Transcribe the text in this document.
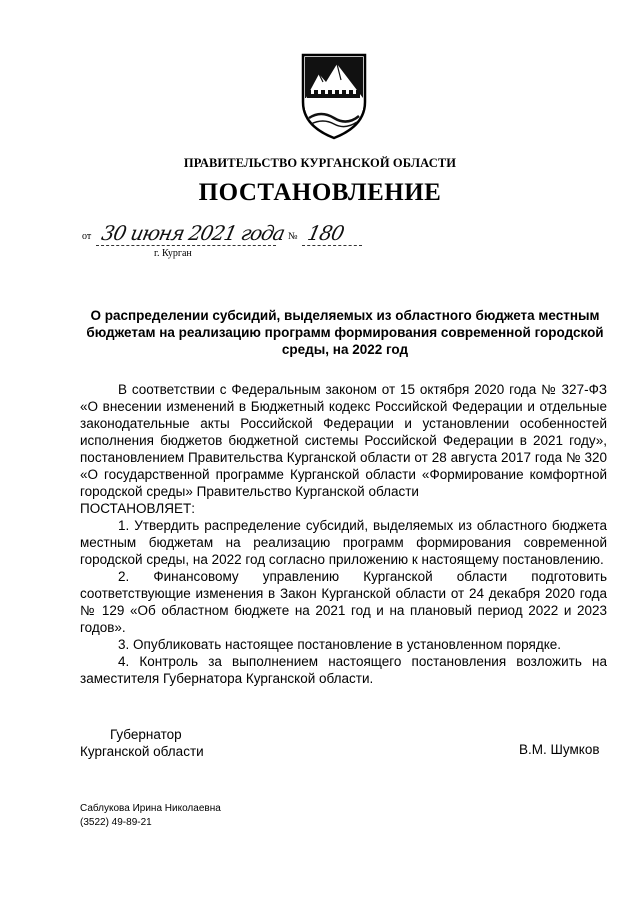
ПРАВИТЕЛЬСТВО КУРГАНСКОЙ ОБЛАСТИ
ПОСТАНОВЛЕНИЕ
от 30 июня 2021 года № 180
г. Курган
О распределении субсидий, выделяемых из областного бюджета местным бюджетам на реализацию программ формирования современной городской среды, на 2022 год

В соответствии с Федеральным законом от 15 октября 2020 года № 327-ФЗ «О внесении изменений в Бюджетный кодекс Российской Федерации и отдельные законодательные акты Российской Федерации и установлении особенностей исполнения бюджетов бюджетной системы Российской Федерации в 2021 году», постановлением Правительства Курганской области от 28 августа 2017 года № 320 «О государственной программе Курганской области «Формирование комфортной городской среды» Правительство Курганской области

ПОСТАНОВЛЯЕТ:

1. Утвердить распределение субсидий, выделяемых из областного бюджета местным бюджетам на реализацию программ формирования современной городской среды, на 2022 год согласно приложению к настоящему постановлению.

2. Финансовому управлению Курганской области подготовить соответствующие изменения в Закон Курганской области от 24 декабря 2020 года № 129 «Об областном бюджете на 2021 год и на плановый период 2022 и 2023 годов».

3. Опубликовать настоящее постановление в установленном порядке.

4. Контроль за выполнением настоящего постановления возложить на заместителя Губернатора Курганской области.

Губернатор
Курганской области	В.М. Шумков
Саблукова Ирина Николаевна
(3522) 49-89-21
